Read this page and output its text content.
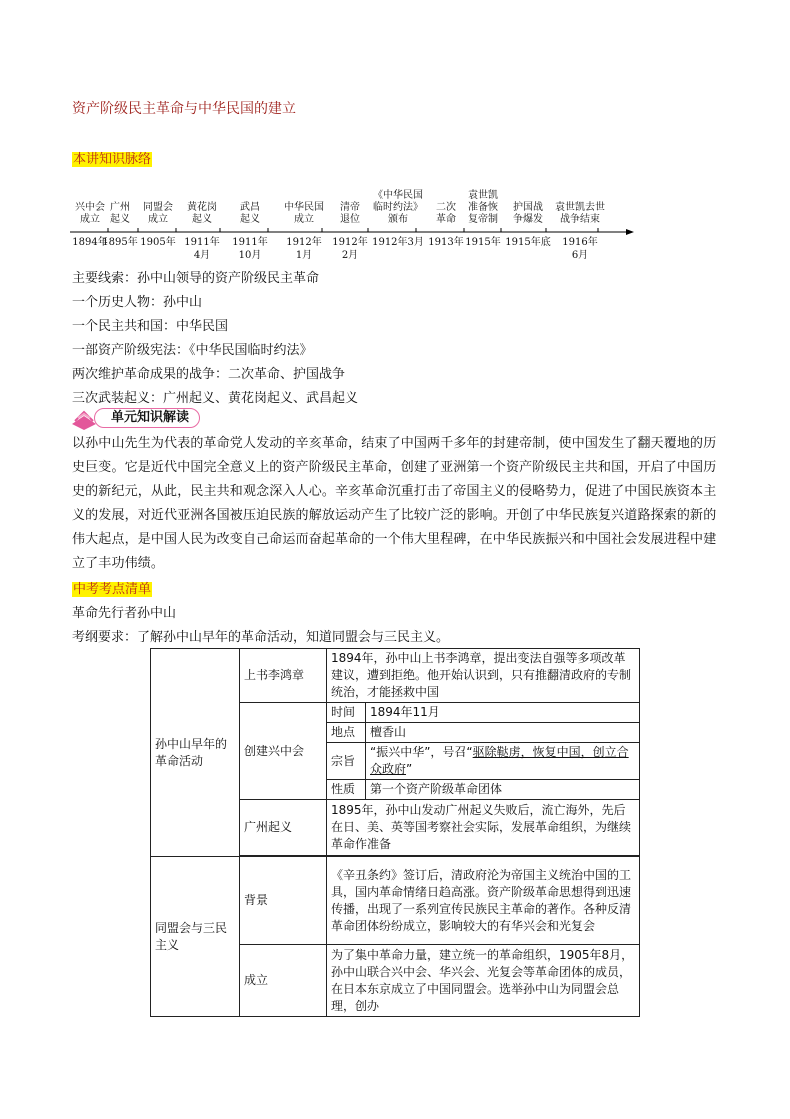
资产阶级民主革命与中华民国的建立
本讲知识脉络
兴中会
成立
广州
起义
同盟会
成立
黄花岗
起义
武昌
起义
中华民国
成立
清帝
退位
《中华民国
临时约法》
颁布
二次
革命
袁世凯
准备恢
复帝制
护国战
争爆发
袁世凯去世
战争结束
1894年
1895年 1905年 1911年
4月
1911年
10月
1912年
1月
1912年
2月
1912年3月 1913年 1915年 1915年底	1916年
6月
主要线索：孙中山领导的资产阶级民主革命
一个历史人物：孙中山
一个民主共和国：中华民国
一部资产阶级宪法：《中华民国临时约法》
两次维护革命成果的战争：二次革命、护国战争
三次武装起义：广州起义、黄花岗起义、武昌起义
单元知识解读
以孙中山先生为代表的革命党人发动的辛亥革命，结束了中国两千多年的封建帝制，使中国发生了翻天覆地的历史巨变。它是近代中国完全意义上的资产阶级民主革命，创建了亚洲第一个资产阶级民主共和国，开启了中国历史的新纪元，从此，民主共和观念深入人心。辛亥革命沉重打击了帝国主义的侵略势力，促进了中国民族资本主义的发展，对近代亚洲各国被压迫民族的解放运动产生了比较广泛的影响。开创了中华民族复兴道路探索的新的伟大起点，是中国人民为改变自己命运而奋起革命的一个伟大里程碑，在中华民族振兴和中国社会发展进程中建立了丰功伟绩。
中考考点清单
革命先行者孙中山
考纲要求：了解孙中山早年的革命活动，知道同盟会与三民主义。
孙中山早年的革命活动	上书李鸿章	1894年，孙中山上书李鸿章，提出变法自强等多项改革建议，遭到拒绝。他开始认识到，只有推翻清政府的专制统治，才能拯救中国	
	创建兴中会	时间	1894年11月
		地点	檀香山
		宗旨	“振兴中华”，号召“驱除鞑虏，恢复中国，创立合众政府”
		性质	第一个资产阶级革命团体
	广州起义	1895年，孙中山发动广州起义失败后，流亡海外，先后在日、美、英等国考察社会实际，发展革命组织，为继续革命作准备	

同盟会与三民主义	背景	《辛丑条约》签订后，清政府沦为帝国主义统治中国的工具，国内革命情绪日趋高涨。资产阶级革命思想得到迅速传播，出现了一系列宣传民族民主革命的著作。各种反清革命团体纷纷成立，影响较大的有华兴会和光复会	
	成立	为了集中革命力量，建立统一的革命组织，1905年8月，孙中山联合兴中会、华兴会、光复会等革命团体的成员，在日本东京成立了中国同盟会。选举孙中山为同盟会总理，创办	
